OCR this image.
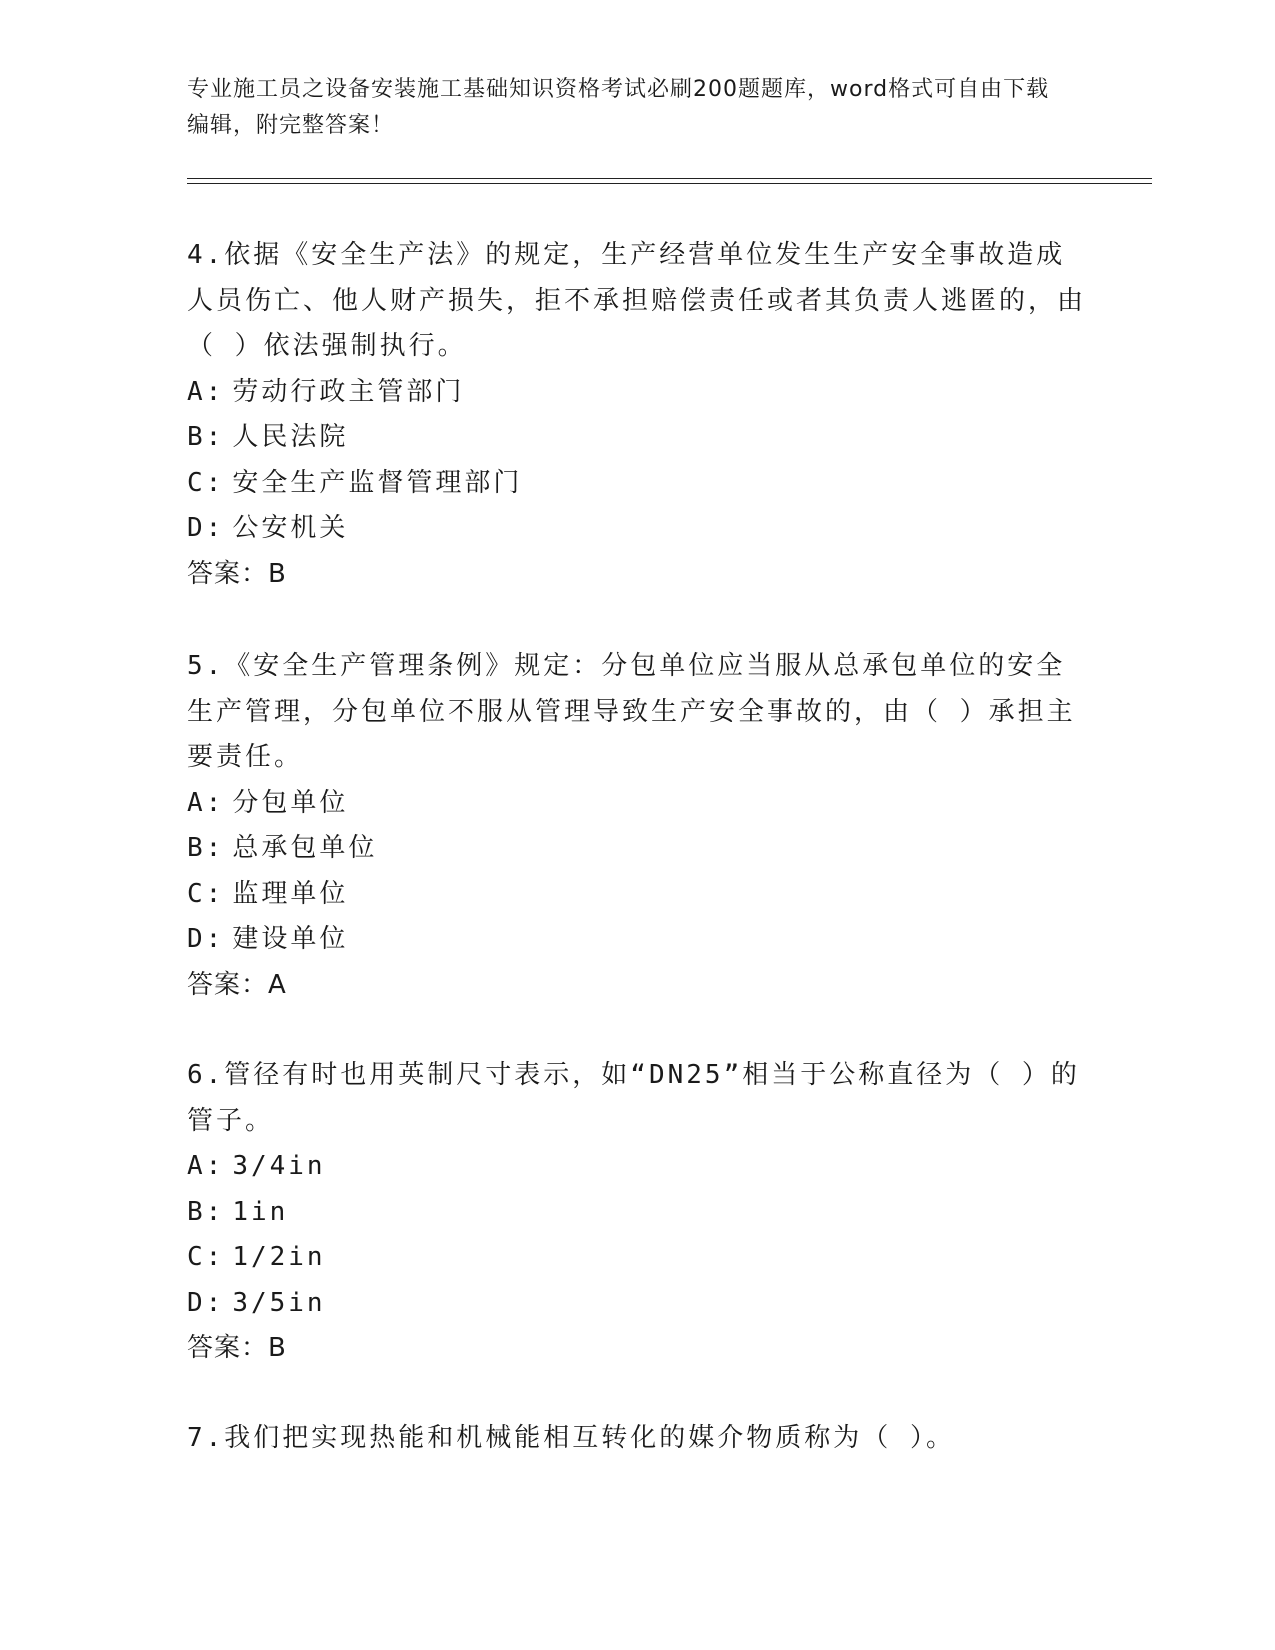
专业施工员之设备安装施工基础知识资格考试必刷200题题库，word格式可自由下载编辑，附完整答案！

4.依据《安全生产法》的规定，生产经营单位发生生产安全事故造成人员伤亡、他人财产损失，拒不承担赔偿责任或者其负责人逃匿的，由（ ）依法强制执行。

A: 劳动行政主管部门

B: 人民法院

C: 安全生产监督管理部门

D: 公安机关

答案：B

5.《安全生产管理条例》规定：分包单位应当服从总承包单位的安全生产管理，分包单位不服从管理导致生产安全事故的，由（ ）承担主要责任。

A: 分包单位

B: 总承包单位

C: 监理单位

D: 建设单位

答案：A

6.管径有时也用英制尺寸表示，如“DN25”相当于公称直径为（ ）的管子。

A: 3/4in

B: 1in

C: 1/2in

D: 3/5in

答案：B

7.我们把实现热能和机械能相互转化的媒介物质称为（ ）。
